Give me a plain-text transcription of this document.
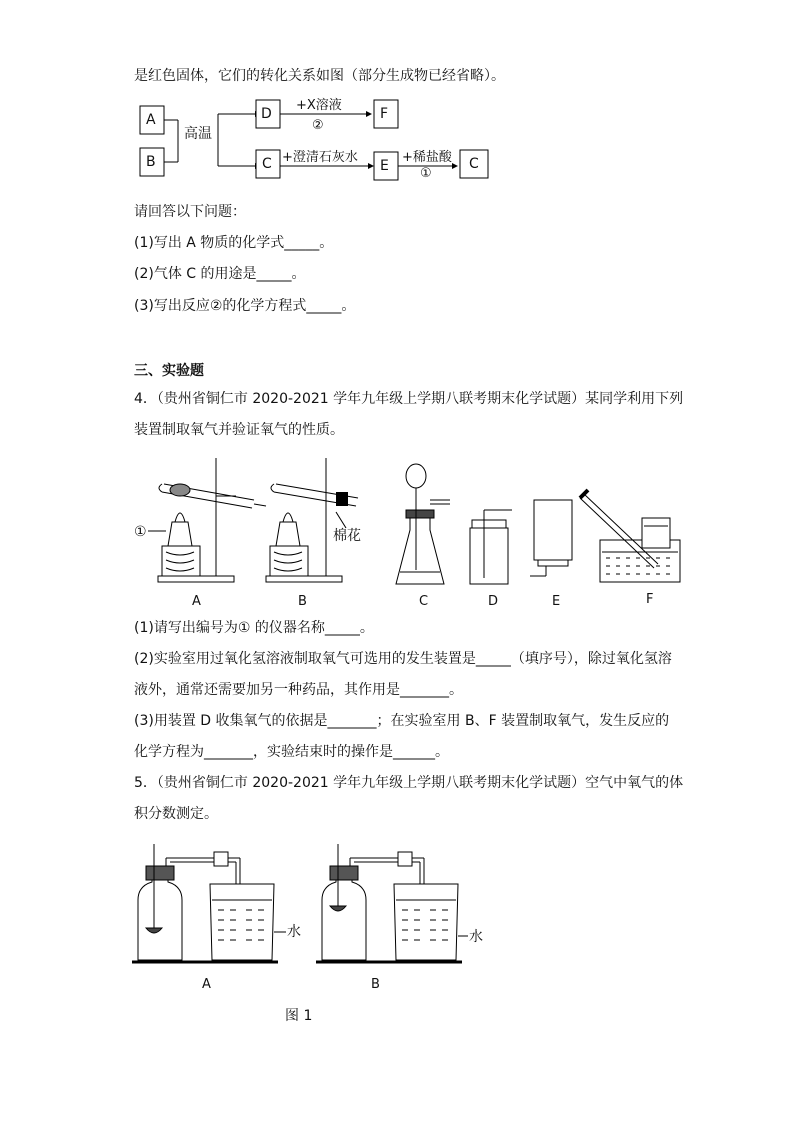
是红色固体，它们的转化关系如图（部分生成物已经省略）。
A
B
高温
D	F
C	E	C
+X溶液
②
+澄清石灰水	+稀盐酸
①
请回答以下问题：
(1)写出 A 物质的化学式_____。
(2)气体 C 的用途是_____。
(3)写出反应②的化学方程式_____。
三、实验题
4．（贵州省铜仁市 2020-2021 学年九年级上学期八联考期末化学试题）某同学利用下列
装置制取氧气并验证氧气的性质。
①	棉花
A	B	C	D	E	F
(1)请写出编号为① 的仪器名称_____。
(2)实验室用过氧化氢溶液制取氧气可选用的发生装置是_____（填序号），除过氧化氢溶
液外，通常还需要加另一种药品，其作用是_______。
(3)用装置 D 收集氧气的依据是_______；在实验室用 B、F 装置制取氧气，发生反应的
化学方程为_______，实验结束时的操作是______。
5．（贵州省铜仁市 2020-2021 学年九年级上学期八联考期末化学试题）空气中氧气的体
积分数测定。
水	水
A	B
图 1
